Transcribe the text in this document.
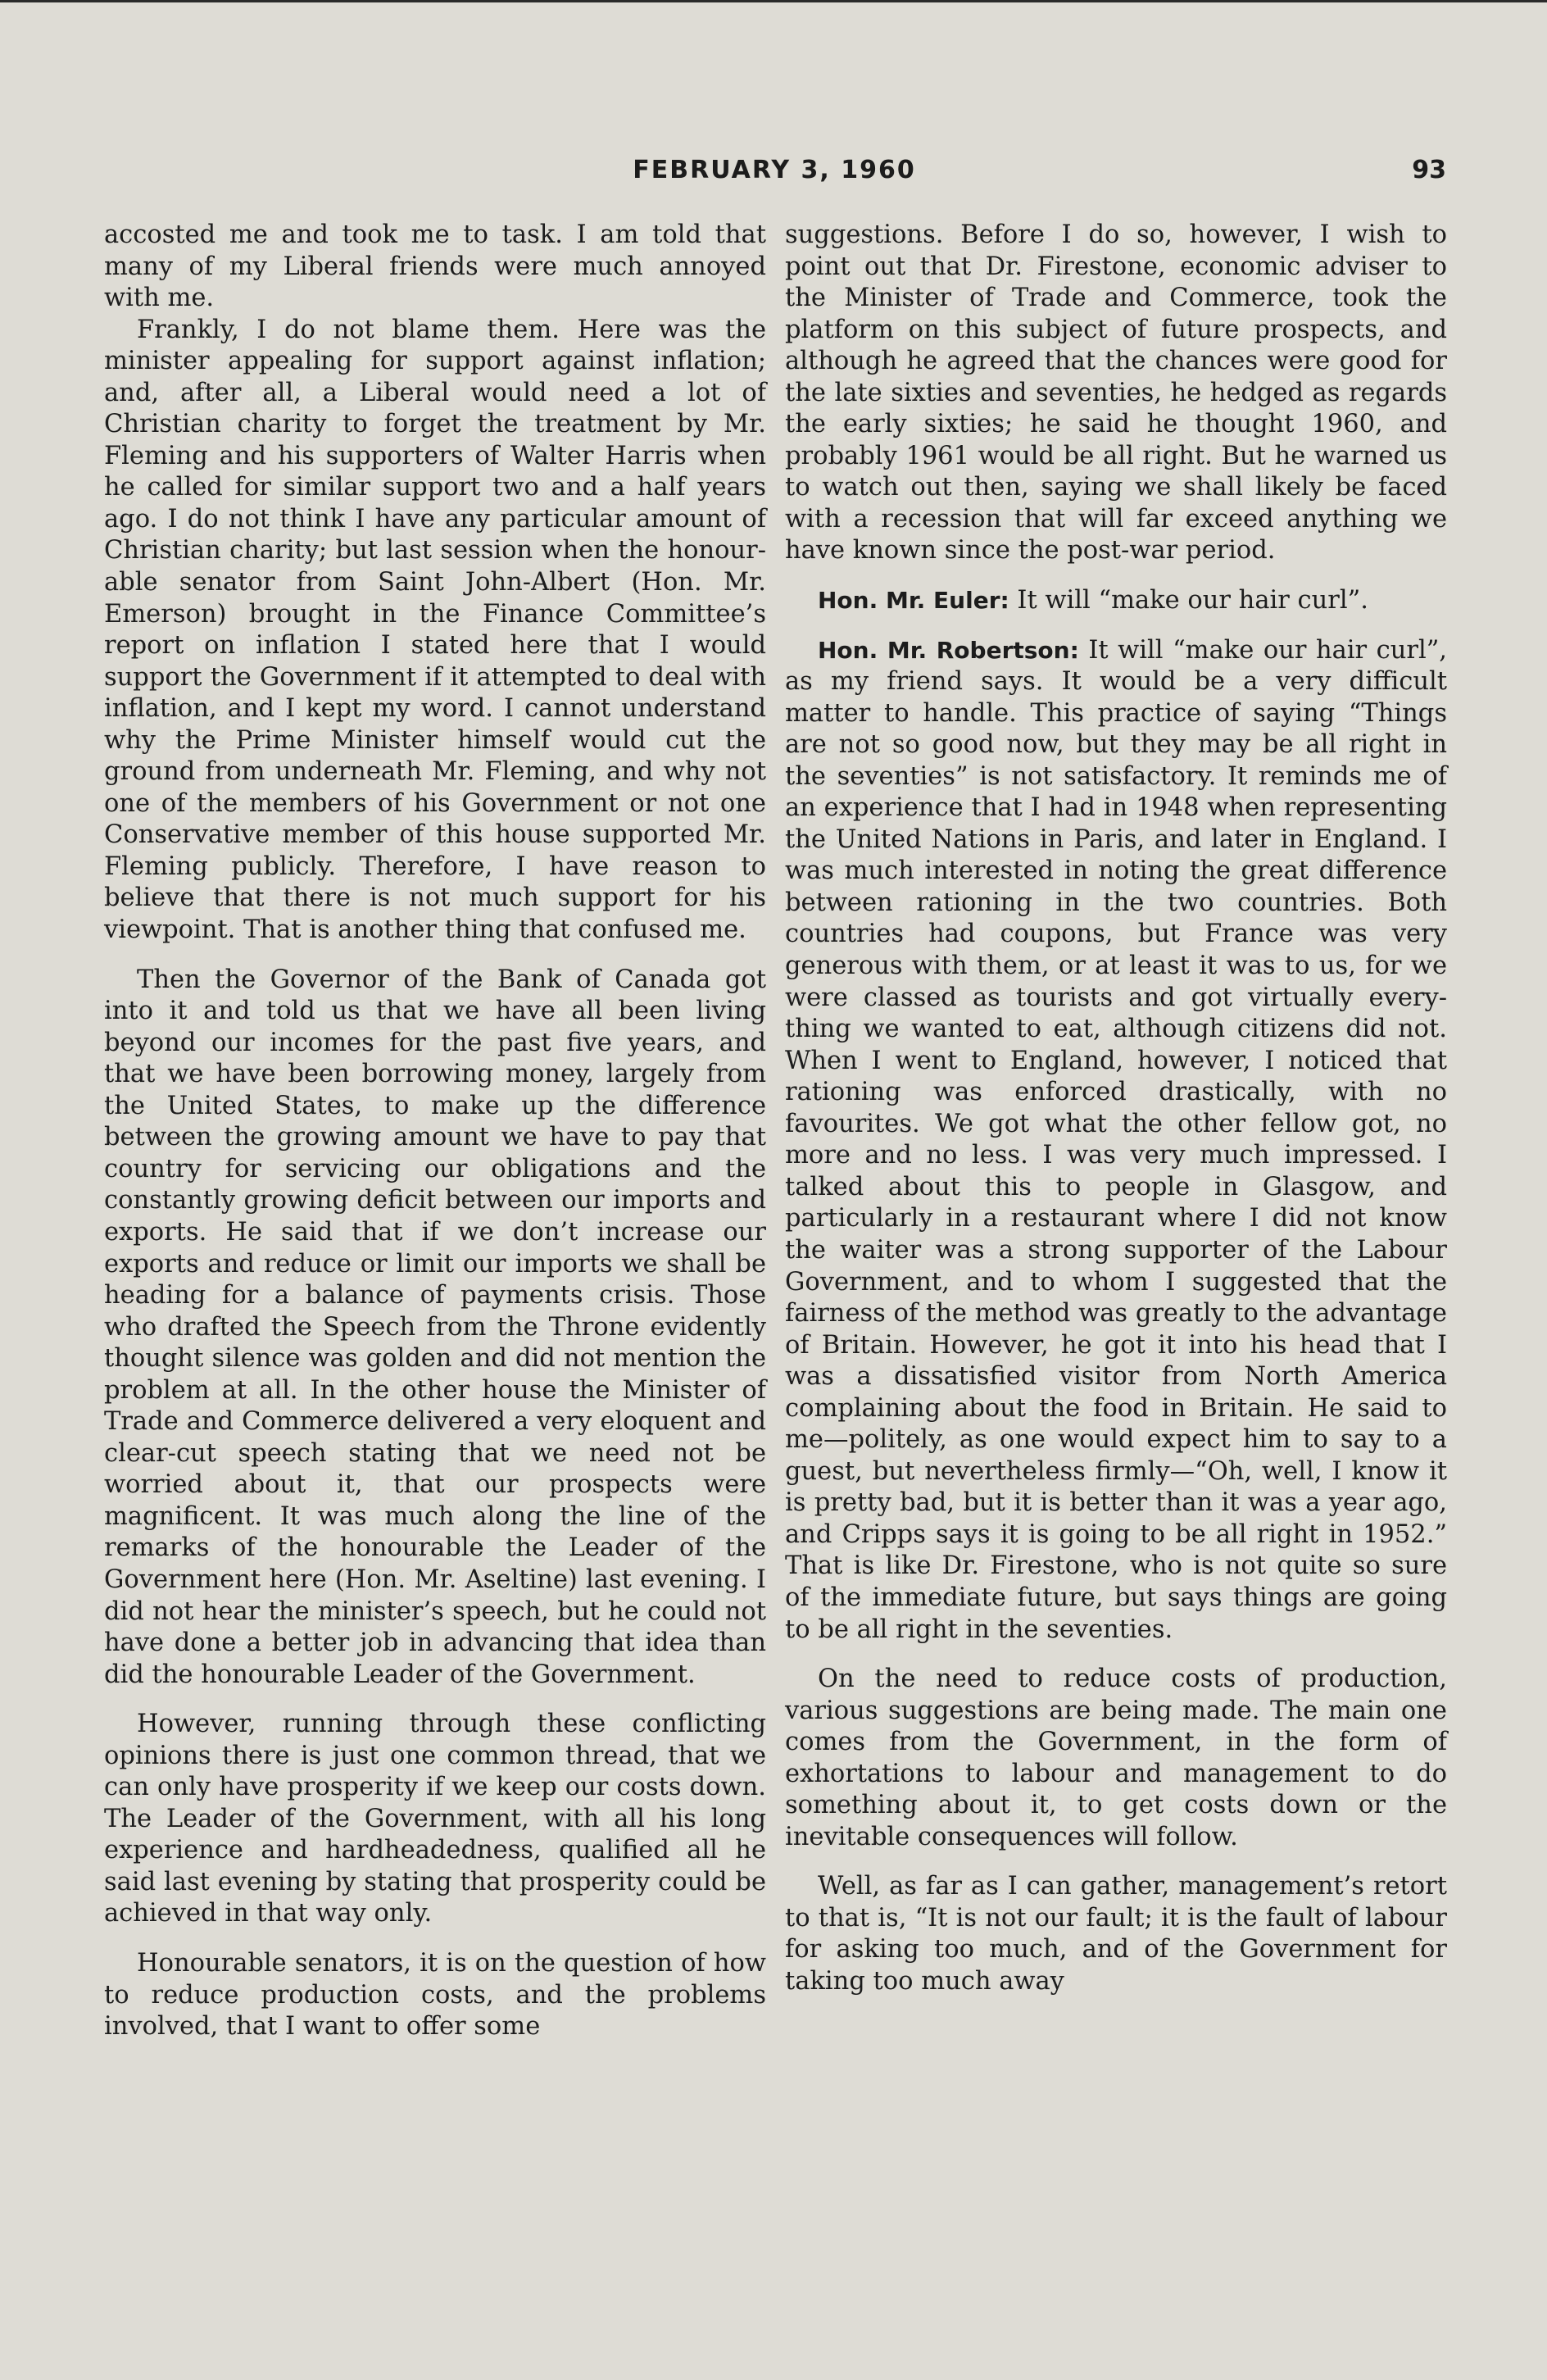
FEBRUARY 3, 1960	93

accosted me and took me to task. I am told that many of my Liberal friends were much annoyed with me.

Frankly, I do not blame them. Here was the minister appealing for support against inflation; and, after all, a Liberal would need a lot of Christian charity to forget the treatment by Mr. Fleming and his supporters of Walter Harris when he called for similar support two and a half years ago. I do not think I have any particular amount of Christian charity; but last session when the honourable senator from Saint John-Albert (Hon. Mr. Emerson) brought in the Finance Committee’s report on inflation I stated here that I would support the Government if it attempted to deal with inflation, and I kept my word. I cannot understand why the Prime Minister himself would cut the ground from underneath Mr. Fleming, and why not one of the members of his Government or not one Conservative member of this house supported Mr. Fleming publicly. Therefore, I have reason to believe that there is not much support for his viewpoint. That is another thing that confused me.

Then the Governor of the Bank of Canada got into it and told us that we have all been living beyond our incomes for the past five years, and that we have been borrowing money, largely from the United States, to make up the difference between the growing amount we have to pay that country for servicing our obligations and the constantly growing deficit between our imports and exports. He said that if we don’t increase our exports and reduce or limit our imports we shall be heading for a balance of payments crisis. Those who drafted the Speech from the Throne evidently thought silence was golden and did not mention the problem at all. In the other house the Minister of Trade and Commerce delivered a very eloquent and clear-cut speech stating that we need not be worried about it, that our prospects were magnificent. It was much along the line of the remarks of the honourable the Leader of the Government here (Hon. Mr. Aseltine) last evening. I did not hear the minister’s speech, but he could not have done a better job in advancing that idea than did the honourable Leader of the Government.

However, running through these conflicting opinions there is just one common thread, that we can only have prosperity if we keep our costs down. The Leader of the Government, with all his long experience and hardheadedness, qualified all he said last evening by stating that prosperity could be achieved in that way only.

Honourable senators, it is on the question of how to reduce production costs, and the problems involved, that I want to offer some

suggestions. Before I do so, however, I wish to point out that Dr. Firestone, economic adviser to the Minister of Trade and Commerce, took the platform on this subject of future prospects, and although he agreed that the chances were good for the late sixties and seventies, he hedged as regards the early sixties; he said he thought 1960, and probably 1961 would be all right. But he warned us to watch out then, saying we shall likely be faced with a recession that will far exceed anything we have known since the post-war period.

Hon. Mr. Euler: It will “make our hair curl”.

Hon. Mr. Robertson: It will “make our hair curl”, as my friend says. It would be a very difficult matter to handle. This practice of saying “Things are not so good now, but they may be all right in the seventies” is not satisfactory. It reminds me of an experience that I had in 1948 when representing the United Nations in Paris, and later in England. I was much interested in noting the great difference between rationing in the two countries. Both countries had coupons, but France was very generous with them, or at least it was to us, for we were classed as tourists and got virtually everything we wanted to eat, although citizens did not. When I went to England, however, I noticed that rationing was enforced drastically, with no favourites. We got what the other fellow got, no more and no less. I was very much impressed. I talked about this to people in Glasgow, and particularly in a restaurant where I did not know the waiter was a strong supporter of the Labour Government, and to whom I suggested that the fairness of the method was greatly to the advantage of Britain. However, he got it into his head that I was a dissatisfied visitor from North America complaining about the food in Britain. He said to me—politely, as one would expect him to say to a guest, but nevertheless firmly—“Oh, well, I know it is pretty bad, but it is better than it was a year ago, and Cripps says it is going to be all right in 1952.” That is like Dr. Firestone, who is not quite so sure of the immediate future, but says things are going to be all right in the seventies.

On the need to reduce costs of production, various suggestions are being made. The main one comes from the Government, in the form of exhortations to labour and management to do something about it, to get costs down or the inevitable consequences will follow.

Well, as far as I can gather, management’s retort to that is, “It is not our fault; it is the fault of labour for asking too much, and of the Government for taking too much away
